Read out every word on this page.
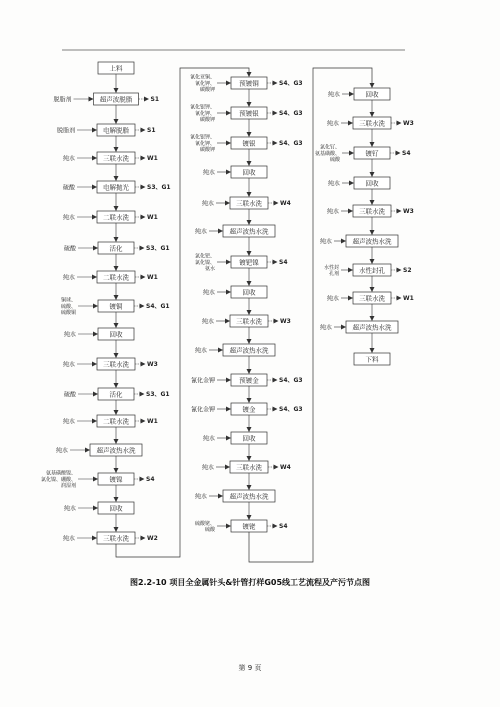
上料
超声波脱脂
脱脂剂	S1
电解脱脂
脱脂剂	S1
三联水洗
纯水	W1
电解抛光
硫酸	S3、G1
二联水洗
纯水	W1
活化
硫酸	S3、G1
二联水洗
纯水	W1
镀铜
铜球、
硫酸、
硫酸铜
S4、G1
回收
纯水
三联水洗
纯水	W3
活化
硫酸	S3、G1
二联水洗
纯水	W1
超声波热水洗
纯水
镀镍
氨基磺酸镍、
氯化镍、硼酸、
润湿剂
S4
回收
纯水
三联水洗
纯水	W2
预镀铜
氰化亚铜、
氰化钾、
碳酸钾
S4、G3
预镀银
氰化银钾、
氰化钾、
碳酸钾
S4、G3
镀银
氰化银钾、
氰化钾、
碳酸钾
S4、G3
回收
纯水
三联水洗
纯水	W4
超声波热水洗
纯水
镀钯镍
氯化钯、
氯化镍、
氨水
S4
回收
纯水
三联水洗
纯水	W3
超声波热水洗
纯水
预镀金
氰化金钾	S4、G3
镀金
氰化金钾	S4、G3
回收
纯水
三联水洗
纯水	W4
超声波热水洗
纯水
镀铑
硫酸铑、
硫酸	S4
回收
纯水
三联水洗
纯水	W3
镀钌
氯化钌、
氨基磺酸、
硫酸
S4
回收
纯水
三联水洗
纯水	W3
超声波热水洗
纯水
水性封孔
水性封
孔剂	S2
三联水洗
纯水	W1
超声波热水洗
纯水
下料
图2.2-10 项目全金属针头&针管打样G05线工艺流程及产污节点图
第 9 页
